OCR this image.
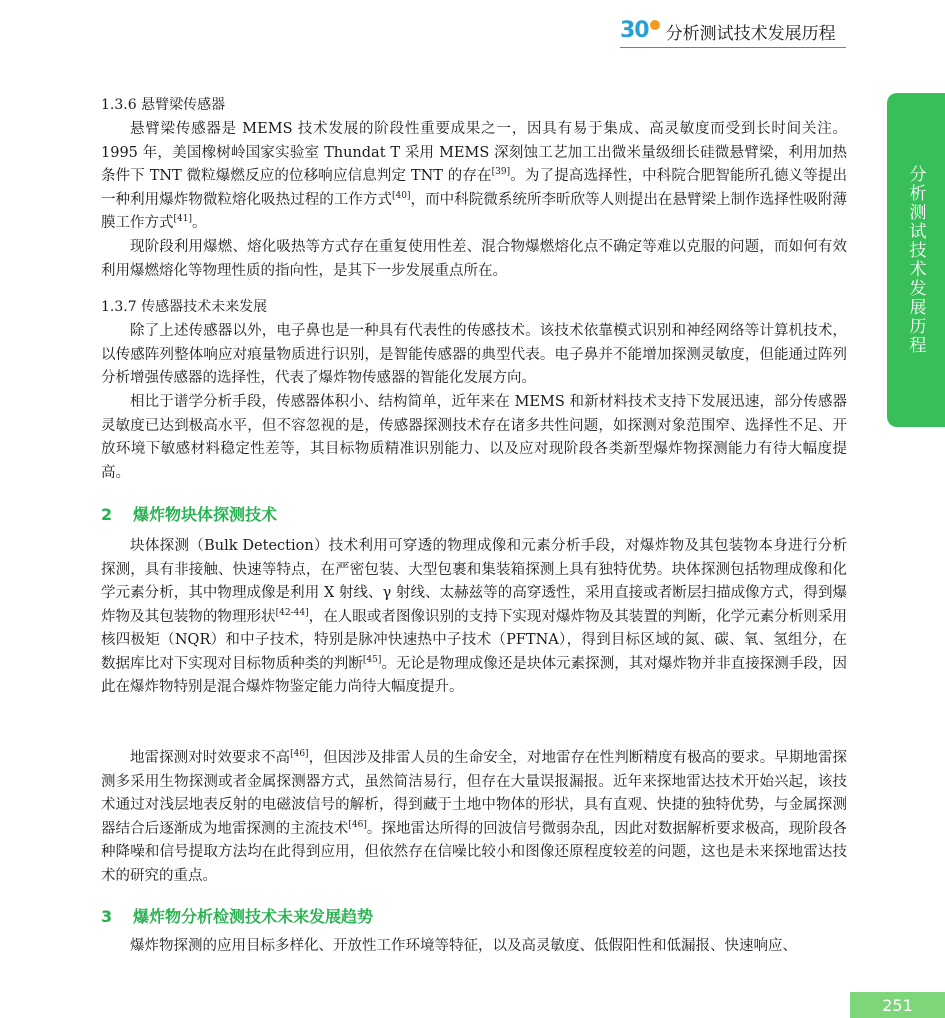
30 分析测试技术发展历程
分析测试技术发展历程

1.3.6 悬臂梁传感器

悬臂梁传感器是 MEMS 技术发展的阶段性重要成果之一，因具有易于集成、高灵敏度而受到长时间关注。1995 年，美国橡树岭国家实验室 Thundat T 采用 MEMS 深刻蚀工艺加工出微米量级细长硅微悬臂梁，利用加热条件下 TNT 微粒爆燃反应的位移响应信息判定 TNT 的存在[39]。为了提高选择性，中科院合肥智能所孔德义等提出一种利用爆炸物微粒熔化吸热过程的工作方式[40]，而中科院微系统所李昕欣等人则提出在悬臂梁上制作选择性吸附薄膜工作方式[41]。

现阶段利用爆燃、熔化吸热等方式存在重复使用性差、混合物爆燃熔化点不确定等难以克服的问题，而如何有效利用爆燃熔化等物理性质的指向性，是其下一步发展重点所在。

1.3.7 传感器技术未来发展

除了上述传感器以外，电子鼻也是一种具有代表性的传感技术。该技术依靠模式识别和神经网络等计算机技术，以传感阵列整体响应对痕量物质进行识别，是智能传感器的典型代表。电子鼻并不能增加探测灵敏度，但能通过阵列分析增强传感器的选择性，代表了爆炸物传感器的智能化发展方向。

相比于谱学分析手段，传感器体积小、结构简单，近年来在 MEMS 和新材料技术支持下发展迅速，部分传感器灵敏度已达到极高水平，但不容忽视的是，传感器探测技术存在诸多共性问题，如探测对象范围窄、选择性不足、开放环境下敏感材料稳定性差等，其目标物质精准识别能力、以及应对现阶段各类新型爆炸物探测能力有待大幅度提高。

2	爆炸物块体探测技术

块体探测（Bulk Detection）技术利用可穿透的物理成像和元素分析手段，对爆炸物及其包装物本身进行分析探测，具有非接触、快速等特点，在严密包装、大型包裹和集装箱探测上具有独特优势。块体探测包括物理成像和化学元素分析，其中物理成像是利用 X 射线、γ 射线、太赫兹等的高穿透性，采用直接或者断层扫描成像方式，得到爆炸物及其包装物的物理形状[42-44]，在人眼或者图像识别的支持下实现对爆炸物及其装置的判断，化学元素分析则采用核四极矩（NQR）和中子技术，特别是脉冲快速热中子技术（PFTNA），得到目标区域的氮、碳、氧、氢组分，在数据库比对下实现对目标物质种类的判断[45]。无论是物理成像还是块体元素探测，其对爆炸物并非直接探测手段，因此在爆炸物特别是混合爆炸物鉴定能力尚待大幅度提升。

地雷探测对时效要求不高[46]，但因涉及排雷人员的生命安全，对地雷存在性判断精度有极高的要求。早期地雷探测多采用生物探测或者金属探测器方式，虽然简洁易行，但存在大量误报漏报。近年来探地雷达技术开始兴起，该技术通过对浅层地表反射的电磁波信号的解析，得到藏于土地中物体的形状，具有直观、快捷的独特优势，与金属探测器结合后逐渐成为地雷探测的主流技术[46]。探地雷达所得的回波信号微弱杂乱，因此对数据解析要求极高，现阶段各种降噪和信号提取方法均在此得到应用，但依然存在信噪比较小和图像还原程度较差的问题，这也是未来探地雷达技术的研究的重点。

3	爆炸物分析检测技术未来发展趋势

爆炸物探测的应用目标多样化、开放性工作环境等特征，以及高灵敏度、低假阳性和低漏报、快速响应、

251
